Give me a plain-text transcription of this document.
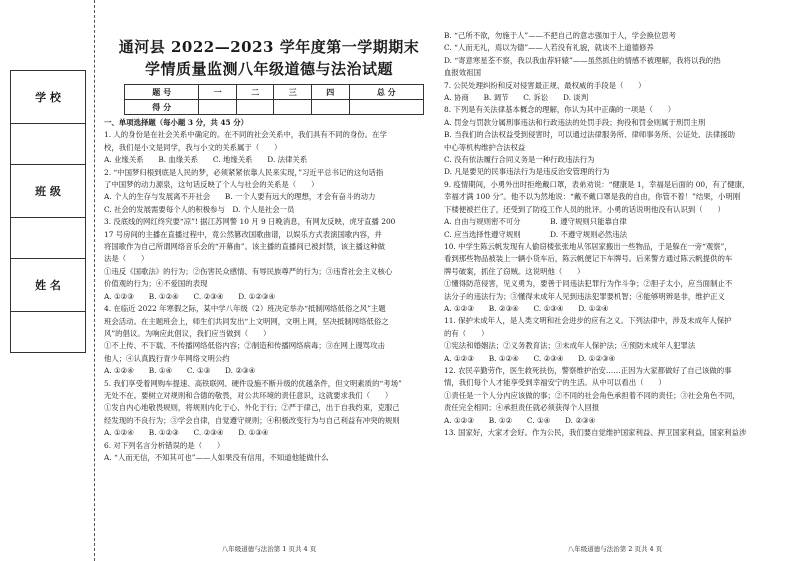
学 校

班 级

姓 名

通河县 2022—2023 学年度第一学期期末
学情质量监测八年级道德与法治试题
题 号	一	二	三	四	总 分
得 分					
一、单项选择题（每小题 3 分，共 45 分）
1. 人的身份是在社会关系中确定的。在不同的社会关系中，我们具有不同的身份。在学
校，我们是小文是同学，我与小文的关系属于（　　）
A. 业缘关系　　B. 血缘关系　　C. 地缘关系　　D. 法律关系
2. “中国梦归根到底是人民的梦，必须紧紧依靠人民来实现，”习近平总书记的这句话指
了中国梦的动力源泉，这句话反映了个人与社会的关系是（　　）
A. 个人的生存与发展离不开社会　　B. 一个人要有远大的理想，才会有奋斗的动力
C. 社会的发展需要每个人的积极参与　D. 个人是社会一员
3. 没底线的网红终究要“凉”! 据江苏网警 10 月 9 日晚消息，有网友反映，虎牙直播 200
17 号房间的主播在直播过程中，竟公然篡改国歌曲谱，以娱乐方式表演国歌内容，并
将国歌作为自己所谓网络音乐会的“开幕曲”。该主播的直播间已被封禁，该主播这种做
法是（　　）
①违反《国歌法》的行为；②伤害民众感情、有辱民族尊严的行为；③违背社会主义核心
价值观的行为；④不爱国的表现
A. ①②③　　B. ①②④　　C. ②③④　　D. ①②③④
4. 在临近 2022 年寒假之际，某中学八年级（2）班决定举办“抵制网络低俗之风”主题
班会活动。在主题班会上，师生们共同发出“上文明网，文明上网，坚决抵制网络低俗之
风”的倡议。为响应此倡议，我们应当做到（　　）
①不上传、不下载、不传播网络低俗内容；②制造和传播网络病毒；③在网上谩骂攻击
他人；④认真践行青少年网络文明公约
A. ①②④　　B. ①④　　C. ①③　　D. ②③④
5. 我们享受着网购车提速、高铁联网、硬件设施不断升级的优越条件，但文明素质的“考场”
无处不在。要树立对规则和合德的敬畏，对公共环境的责任意识，这就要求我们（　　）
①发自内心地敬畏规则，将规则内化于心、外化于行；②严于律己，出于自我约束，克服己
经发现的不良行为；③学会自律，自觉遵守规则；④积极改变行为与自己利益有冲突的规则
A. ①②④　　B. ①②③　　C. ②③④　　D. ①③④
6. 对下列名言分析错误的是（　　）
A. “人而无信，不知其可也”——人如果没有信用，不知道他能做什么
八年级道德与法治第 1 页共 4 页
B. “己所不欲，勿施于人”——不把自己的意志强加于人，学会换位思考
C. “人而无礼，焉以为德”——人若没有礼貌，就谈不上道德修养
D. “寄意寒星荃不察，我以我血荐轩辕”——虽然抓住的情感不被理解，我将以我的热
血报效祖国
7. 公民处理纠纷和反对侵害最正规、最权威的手段是（　　）
A. 协商　　B. 调节　　C. 诉讼　　D. 谈判
8. 下列是有关法律基本概念的理解，你认为其中正确的一项是（　　）
A. 罚金与罚款分属刑事违法和行政违法的处罚手段；拘役和罚金则属于刑罚主刑
B. 当我们的合法权益受到侵害时，可以通过法律服务所、律师事务所、公证处、法律援助
中心等机构维护合法权益
C. 没有依法履行合同义务是一种行政违法行为
D. 凡是要见的民事违法行为是违反治安管理的行为
9. 疫情期间，小勇外出时拒绝戴口罩，表弟劝说：“健康是 1，幸福是后面的 00，有了健康，
幸福才满 100 分”。他不以为然地说：“戴不戴口罩是我的自由，你管不着！”结果，小明刚
下楼便被拦住了，还受到了防疫工作人员的批评。小勇的话说明他没有认识到（　　）
A. 自由与规则密不可分　　　　B. 遵守规则只能靠自律
C. 应当选择性遵守规则　　　　D. 不遵守规则必然违法
10. 中学生陈云帆发现有人偷窃楼张张地从邻居家搬出一些物品，于是躲在一旁“观察”，
看到那些物品被装上一辆小货车后，陈云帆便记下车牌号。后来警方通过陈云帆提供的车
牌号破案，抓住了窃贼。这说明他（　　）
①懂得防范侵害，见义勇为，要善于同违法犯罪行为作斗争；②胆子太小，应当面制止不
法分子的违法行为；③懂得未成年人见到违法犯罪要机智；④能够明辨是非，维护正义
A. ①②③　　B. ②③④　　C. ①③④　　D. ①②④
11. 保护未成年人，是人类文明和社会进步的应有之义。下列法律中，涉及未成年人保护
的有（　　）
①宪法和婚姻法；②义务教育法；③未成年人保护法；④预防未成年人犯罪法
A. ①②③　　B. ①②④　　C. ②③④　　D. ①②③④
12. 农民辛勤劳作，医生救死扶伤，警察维护治安……正因为大家都做好了自己该做的事
情，我们每个人才能享受到幸福安宁的生活。从中可以看出（　　）
①责任是一个人分内应该做的事；②不同的社会角色承担着不同的责任；③社会角色不同，
责任完全相同；④承担责任就必须获得个人回报
A. ①②③　　B. ①②　　C. ①④　　D. ②③④
13. 国家好，大家才会好。作为公民，我们要自觉维护国家利益、捍卫国家利益，国家利益涉
八年级道德与法治第 2 页共 4 页
